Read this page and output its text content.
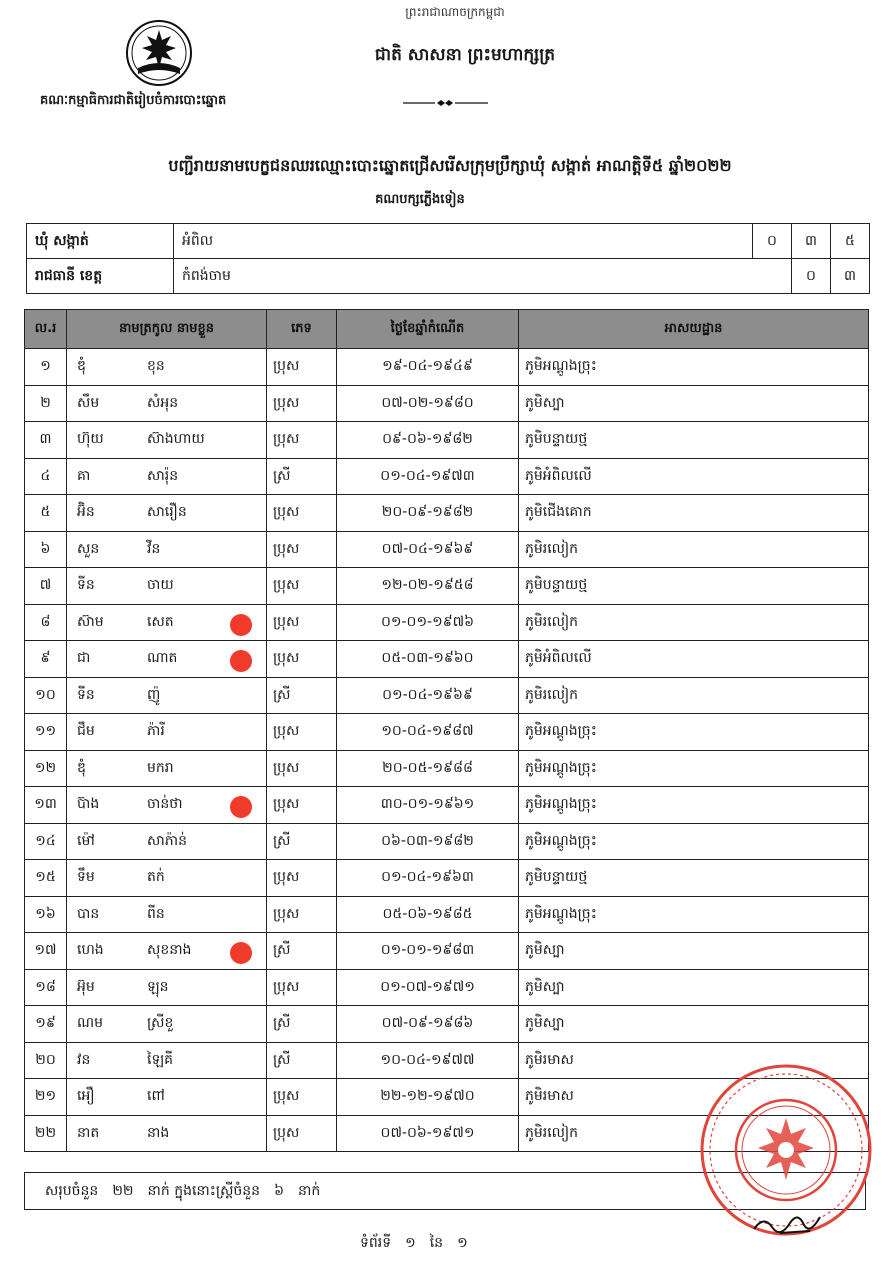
ព្រះរាជាណាចក្រកម្ពុជា
ជាតិ សាសនា ព្រះមហាក្សត្រ
គណៈកម្មាធិការជាតិរៀបចំការបោះឆ្នោត
បញ្ជីរាយនាមបេក្ខជនឈរឈ្មោះបោះឆ្នោតជ្រើសរើសក្រុមប្រឹក្សាឃុំ សង្កាត់ អាណត្តិទី៥ ឆ្នាំ២០២២
គណបក្សភ្លើងទៀន
ឃុំ សង្កាត់	អំពិល	០	៣	៥
រាជធានី ខេត្ត	កំពង់ចាម		០	៣
ល.រ	នាមត្រកូល នាមខ្លួន	ភេទ	ថ្ងៃខែឆ្នាំកំណើត	អាសយដ្ឋាន
១	ឌុំ ខុន	ប្រុស	១៩-០៤-១៩៤៩	ភូមិអណ្ដូងច្រុះ
២	សឹម សំអុន	ប្រុស	០៧-០២-១៩៨០	ភូមិស្បា
៣	ហ៊ុយ ស៊ាងហាយ	ប្រុស	០៩-០៦-១៩៨២	ភូមិបន្ទាយថ្ម
៤	គា សារ៉ុន	ស្រី	០១-០៤-១៩៧៣	ភូមិអំពិលលើ
៥	អ៊ិន សារឿន	ប្រុស	២០-០៩-១៩៨២	ភូមិជើងគោក
៦	សួន វីន	ប្រុស	០៧-០៤-១៩៦៩	ភូមិរលៀក
៧	ទីន ចាយ	ប្រុស	១២-០២-១៩៥៨	ភូមិបន្ទាយថ្ម
៨	ស៊ាម សេត	ប្រុស	០១-០១-១៩៧៦	ភូមិរលៀក
៩	ជា ណាត	ប្រុស	០៥-០៣-១៩៦០	ភូមិអំពិលលើ
១០	ទីន ញ៉ូ	ស្រី	០១-០៤-១៩៦៩	ភូមិរលៀក
១១	ជឹម ភ៉ារី	ប្រុស	១០-០៤-១៩៨៧	ភូមិអណ្ដូងច្រុះ
១២	ឌុំ មករា	ប្រុស	២០-០៥-១៩៨៨	ភូមិអណ្ដូងច្រុះ
១៣	ប៊ាង ចាន់ថា	ប្រុស	៣០-០១-១៩៦១	ភូមិអណ្ដូងច្រុះ
១៤	ម៉ៅ សាភ៉ាន់	ស្រី	០៦-០៣-១៩៨២	ភូមិអណ្ដូងច្រុះ
១៥	ទឹម តក់	ប្រុស	០១-០៤-១៩៦៣	ភូមិបន្ទាយថ្ម
១៦	បាន ពីន	ប្រុស	០៥-០៦-១៩៨៥	ភូមិអណ្ដូងច្រុះ
១៧	ហេង សុខនាង	ស្រី	០១-០១-១៩៨៣	ភូមិស្បា
១៨	អ៊ុម ឡុន	ប្រុស	០១-០៧-១៩៧១	ភូមិស្បា
១៩	ណម ស្រីខួ	ស្រី	០៧-០៩-១៩៨៦	ភូមិស្បា
២០	វន ឡៃគី	ស្រី	១០-០៤-១៩៧៧	ភូមិរមាស
២១	អឿ ពៅ	ប្រុស	២២-១២-១៩៧០	ភូមិរមាស
២២	នាត នាង	ប្រុស	០៧-០៦-១៩៧១	ភូមិរលៀក
សរុបចំនួន ២២ នាក់ ក្នុងនោះស្ត្រីចំនួន ៦ នាក់
ទំព័រទី ១ នៃ ១
